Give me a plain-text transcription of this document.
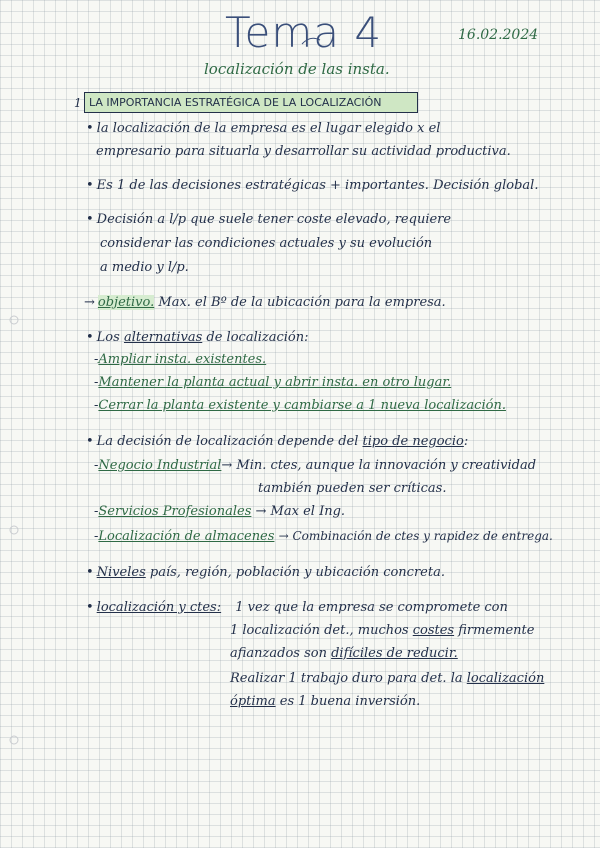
Tema 4	16.02.2024
localización de las insta.
1 LA IMPORTANCIA ESTRATÉGICA DE LA LOCALIZACIÓN
• la localización de la empresa es el lugar elegido x el
empresario para situarla y desarrollar su actividad productiva.
• Es 1 de las decisiones estratégicas + importantes. Decisión global.
• Decisión a l/p que suele tener coste elevado, requiere
considerar las condiciones actuales y su evolución
a medio y l/p.
→ objetivo. Max. el Bº de la ubicación para la empresa.
• Los alternativas de localización:
-Ampliar insta. existentes.
-Mantener la planta actual y abrir insta. en otro lugar.
-Cerrar la planta existente y cambiarse a 1 nueva localización.
• La decisión de localización depende del tipo de negocio:
-Negocio Industrial→ Min. ctes, aunque la innovación y creatividad
también pueden ser críticas.
-Servicios Profesionales → Max el Ing.
-Localización de almacenes → Combinación de ctes y rapidez de entrega.
• Niveles país, región, población y ubicación concreta.
• localización y ctes: 1 vez que la empresa se compromete con
1 localización det., muchos costes firmemente
afianzados son difíciles de reducir.
Realizar 1 trabajo duro para det. la localización
óptima es 1 buena inversión.
